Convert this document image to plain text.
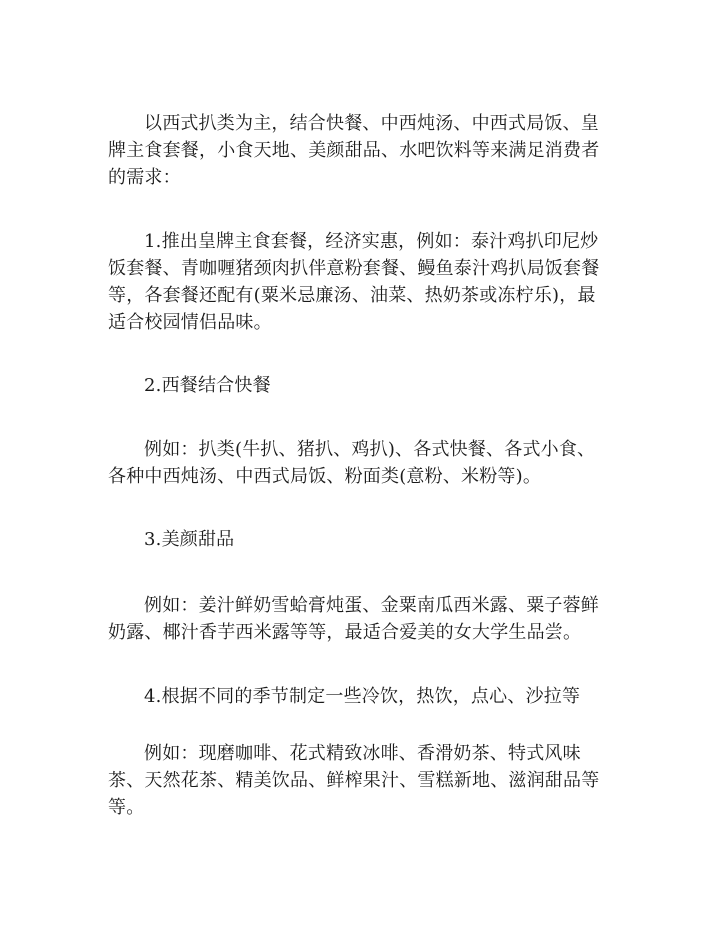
以西式扒类为主，结合快餐、中西炖汤、中西式局饭、皇牌主食套餐，小食天地、美颜甜品、水吧饮料等来满足消费者的需求：

1.推出皇牌主食套餐，经济实惠，例如：泰汁鸡扒印尼炒饭套餐、青咖喱猪颈肉扒伴意粉套餐、鳗鱼泰汁鸡扒局饭套餐等，各套餐还配有(粟米忌廉汤、油菜、热奶茶或冻柠乐)，最适合校园情侣品味。

2.西餐结合快餐

例如：扒类(牛扒、猪扒、鸡扒)、各式快餐、各式小食、各种中西炖汤、中西式局饭、粉面类(意粉、米粉等)。

3.美颜甜品

例如：姜汁鲜奶雪蛤膏炖蛋、金粟南瓜西米露、粟子蓉鲜奶露、椰汁香芋西米露等等，最适合爱美的女大学生品尝。

4.根据不同的季节制定一些冷饮，热饮，点心、沙拉等

例如：现磨咖啡、花式精致冰啡、香滑奶茶、特式风味茶、天然花茶、精美饮品、鲜榨果汁、雪糕新地、滋润甜品等等。
